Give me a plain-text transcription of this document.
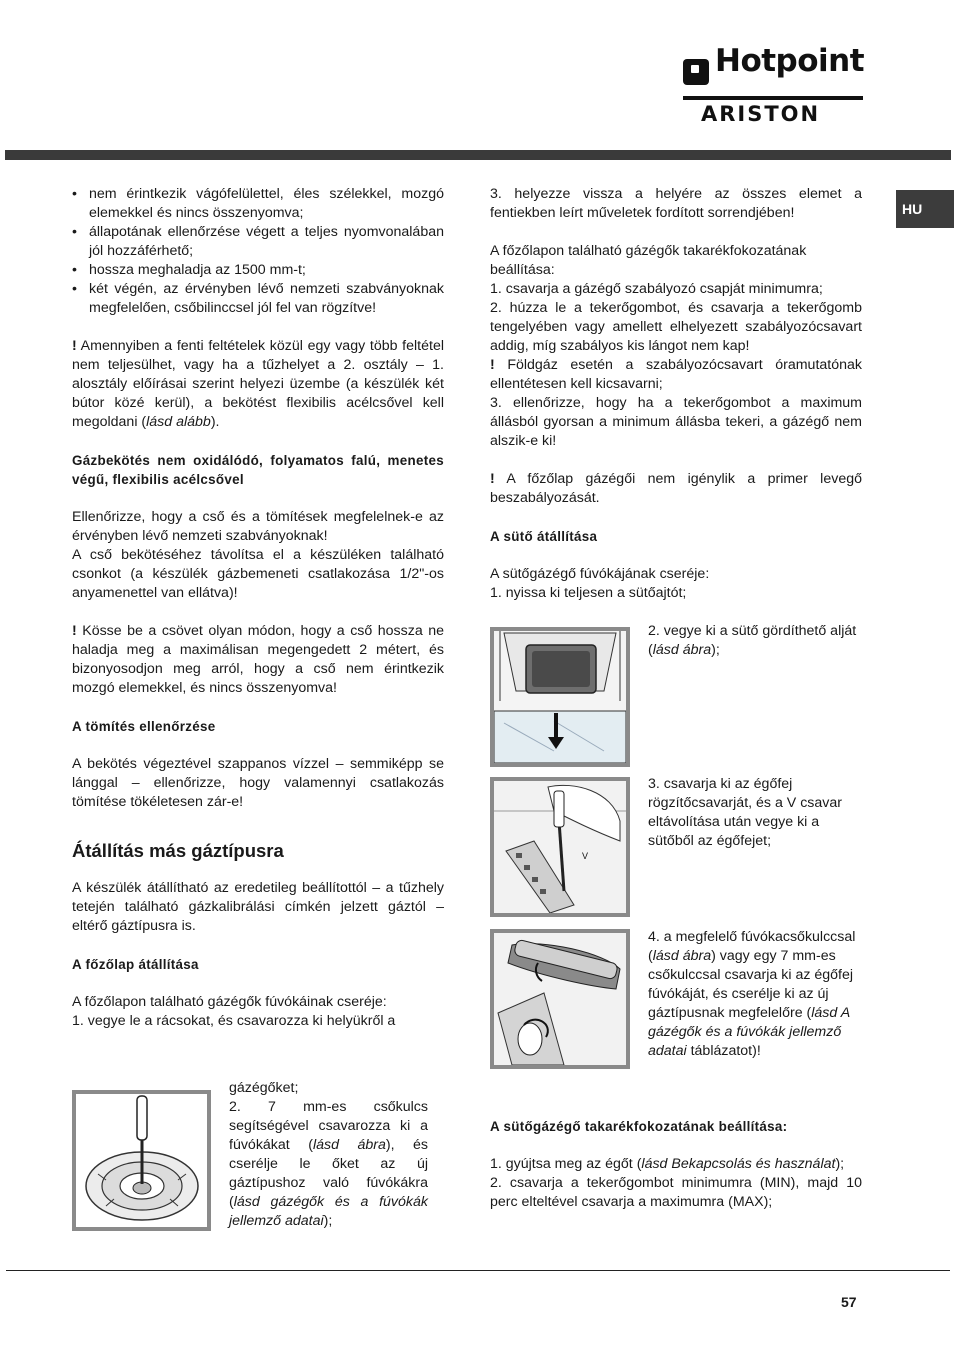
Hotpoint
ARISTON
HU
• nem érintkezik vágófelülettel, éles szélekkel, mozgó elemekkel és nincs összenyomva;
• állapotának ellenőrzése végett a teljes nyomvonalában jól hozzáférhető;
• hossza meghaladja az 1500 mm-t;
• két végén, az érvényben lévő nemzeti szabványoknak megfelelően, csőbilinccsel jól fel van rögzítve!

! Amennyiben a fenti feltételek közül egy vagy több feltétel nem teljesülhet, vagy ha a tűzhelyet a 2. osztály – 1. alosztály előírásai szerint helyezi üzembe (a készülék két bútor közé kerül), a bekötést flexibilis acélcsővel kell megoldani (lásd alább).

Gázbekötés nem oxidálódó, folyamatos falú, menetes végű, flexibilis acélcsővel

Ellenőrizze, hogy a cső és a tömítések megfelelnek-e az érvényben lévő nemzeti szabványoknak!

A cső bekötéséhez távolítsa el a készüléken található csonkot (a készülék gázbemeneti csatlakozása 1/2"-os anyamenettel van ellátva)!

! Kösse be a csövet olyan módon, hogy a cső hossza ne haladja meg a maximálisan megengedett 2 métert, és bizonyosodjon meg arról, hogy a cső nem érintkezik mozgó elemekkel, és nincs összenyomva!

A tömítés ellenőrzése

A bekötés végeztével szappanos vízzel – semmiképp se lánggal – ellenőrizze, hogy valamennyi csatlakozás tömítése tökéletesen zár-e!

Átállítás más gáztípusra

A készülék átállítható az eredetileg beállítottól – a tűzhely tetején található gázkalibrálási címkén jelzett gáztól – eltérő gáztípusra is.

A főzőlap átállítása

A főzőlapon található gázégők fúvókáinak cseréje:

1. vegye le a rácsokat, és csavarozza ki helyükről a

gázégőket;

2. 7 mm-es csőkulcs segítségével csavarozza ki a fúvókákat (lásd ábra), és cserélje le őket az új gáztípushoz való fúvókákra (lásd gázégők és a fúvókák jellemző adatai);

3. helyezze vissza a helyére az összes elemet a fentiekben leírt műveletek fordított sorrendjében!

A főzőlapon található gázégők takarékfokozatának beállítása:

1. csavarja a gázégő szabályozó csapját minimumra;

2. húzza le a tekerőgombot, és csavarja a tekerőgomb tengelyében vagy amellett elhelyezett szabályozócsavart addig, míg szabályos kis lángot nem kap!

! Földgáz esetén a szabályozócsavart óramutatónak ellentétesen kell kicsavarni;

3. ellenőrizze, hogy ha a tekerőgombot a maximum állásból gyorsan a minimum állásba tekeri, a gázégő nem alszik-e ki!

! A főzőlap gázégői nem igénylik a primer levegő beszabályozását.

A sütő átállítása

A sütőgázégő fúvókájának cseréje:

1. nyissa ki teljesen a sütőajtót;

2. vegye ki a sütő gördíthető alját (lásd ábra);

V

3. csavarja ki az égőfej rögzítőcsavarját, és a V csavar eltávolítása után vegye ki a sütőből az égőfejet;

4. a megfelelő fúvókacsőkulccsal (lásd ábra) vagy egy 7 mm-es csőkulccsal csavarja ki az égőfej fúvókáját, és cserélje ki az új gáztípusnak megfelelőre (lásd A gázégők és a fúvókák jellemző adatai táblázatot)!

A sütőgázégő takarékfokozatának beállítása:

1. gyújtsa meg az égőt (lásd Bekapcsolás és használat);

2. csavarja a tekerőgombot minimumra (MIN), majd 10 perc elteltével csavarja a maximumra (MAX);

57
